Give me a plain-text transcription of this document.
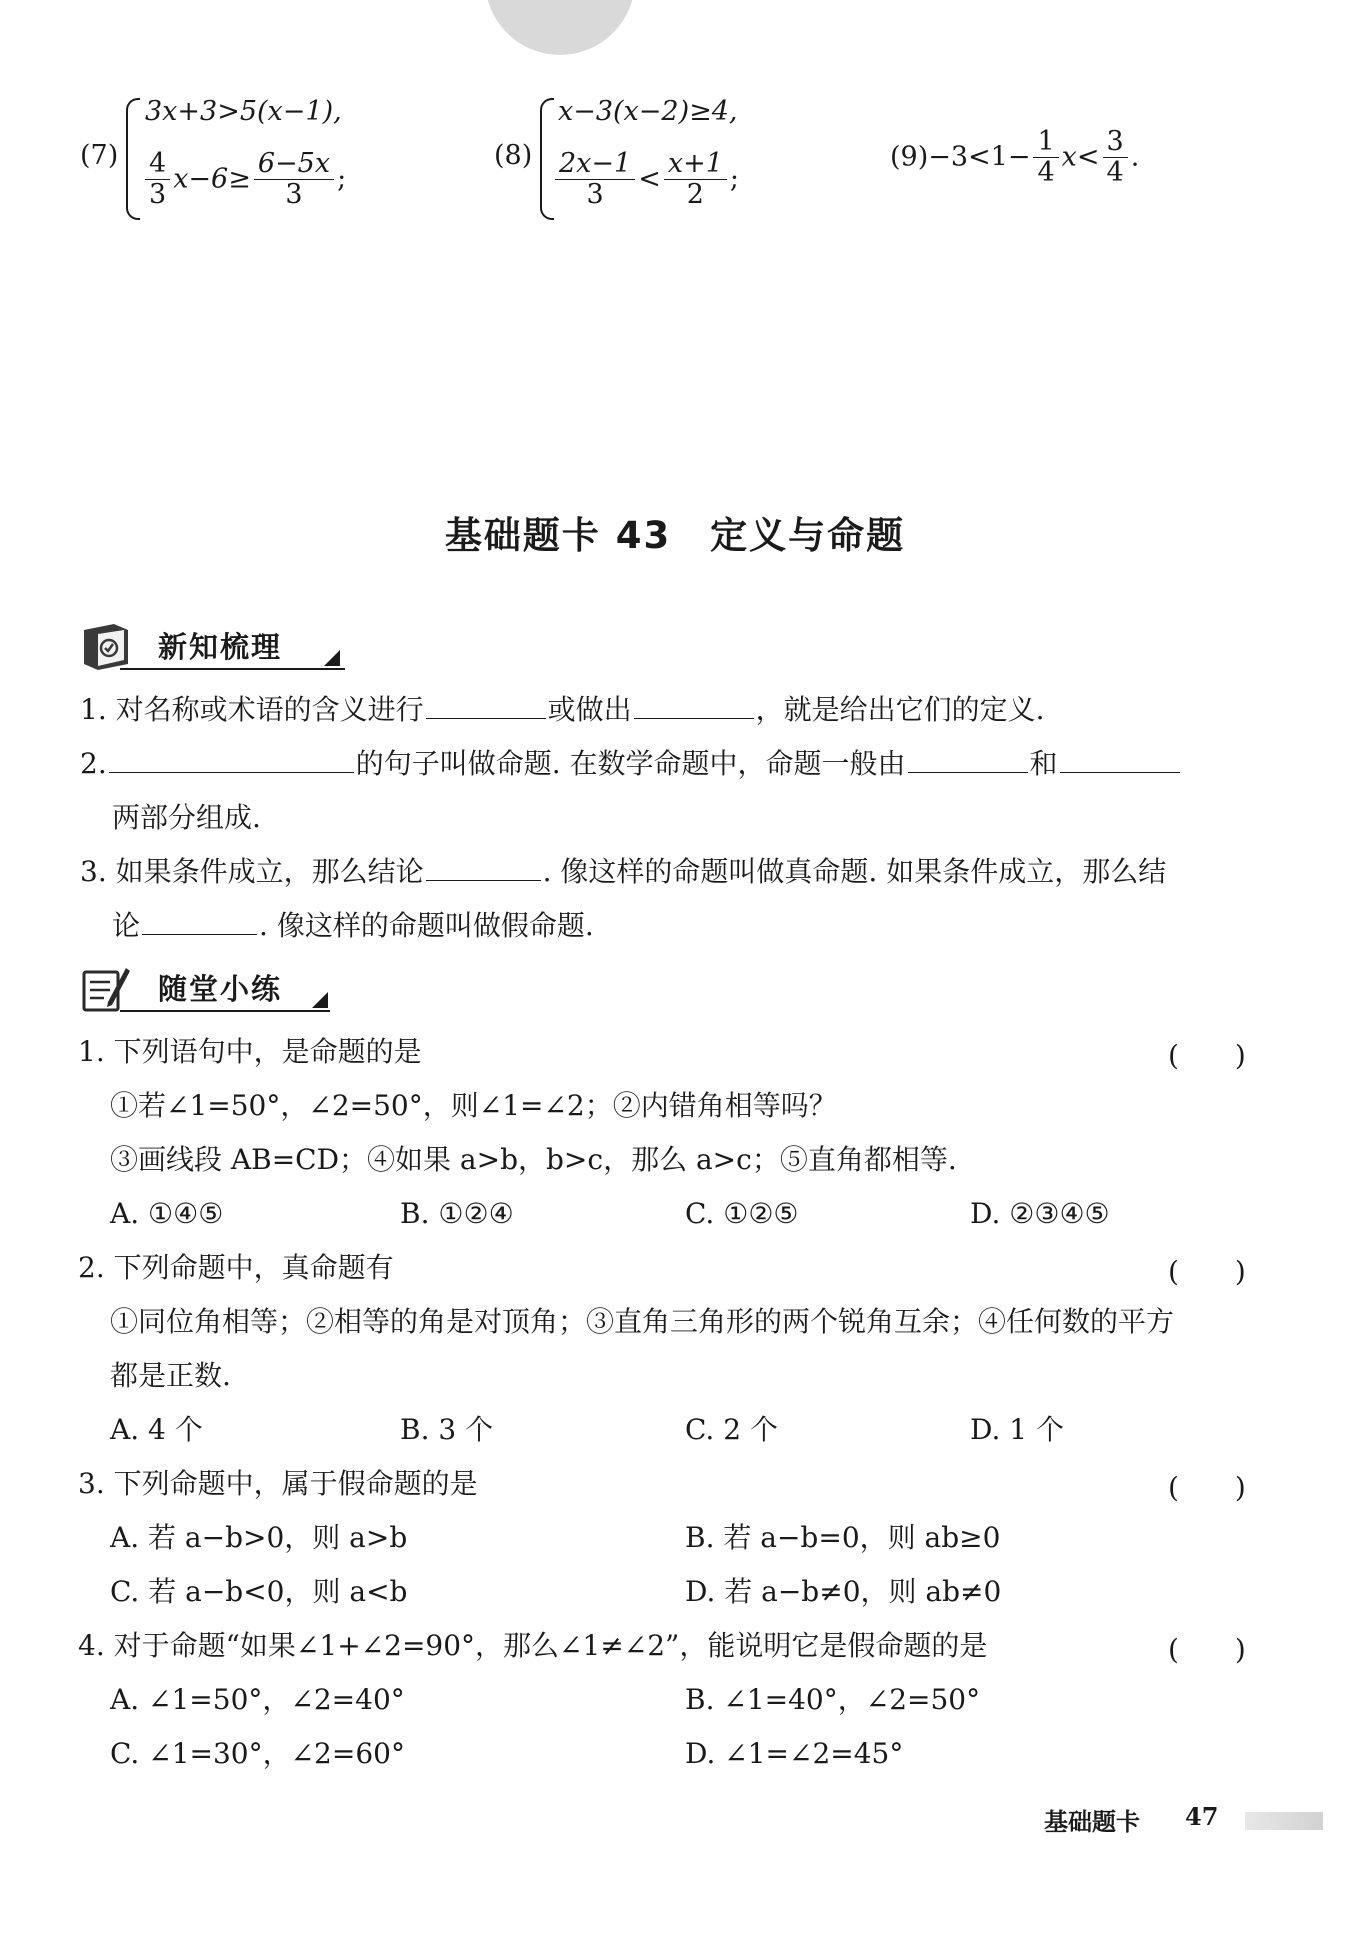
(7)
3x+3>5(x−1),
$\frac{4}{3} x-6\ge \frac{6-5x}{3}$ ;
(8)
x−3(x−2)≥4,
$\frac{2x-1}{3} < \frac{x+1}{2}$ ;
$(9)-3<1- \frac{1}{4} x< \frac{3}{4}$ .
基础题卡 43　定义与命题
新知梳理
1. 对名称或术语的含义进行	或做出	，就是给出它们的定义.
2.	的句子叫做命题. 在数学命题中，命题一般由	和
两部分组成.
3. 如果条件成立，那么结论	. 像这样的命题叫做真命题. 如果条件成立，那么结
论	. 像这样的命题叫做假命题.
随堂小练
1. 下列语句中，是命题的是	(　　)
①若∠1=50°，∠2=50°，则∠1=∠2；②内错角相等吗？
③画线段 AB=CD；④如果 a>b，b>c，那么 a>c；⑤直角都相等.
A. ①④⑤	B. ①②④	C. ①②⑤	D. ②③④⑤
2. 下列命题中，真命题有	(　　)
①同位角相等；②相等的角是对顶角；③直角三角形的两个锐角互余；④任何数的平方
都是正数.
A. 4 个	B. 3 个	C. 2 个	D. 1 个
3. 下列命题中，属于假命题的是	(　　)
A. 若 a−b>0，则 a>b	B. 若 a−b=0，则 ab≥0
C. 若 a−b<0，则 a<b	D. 若 a−b≠0，则 ab≠0
4. 对于命题“如果∠1+∠2=90°，那么∠1≠∠2”，能说明它是假命题的是	(　　)
A. ∠1=50°，∠2=40°	B. ∠1=40°，∠2=50°
C. ∠1=30°，∠2=60°	D. ∠1=∠2=45°
基础题卡 47
